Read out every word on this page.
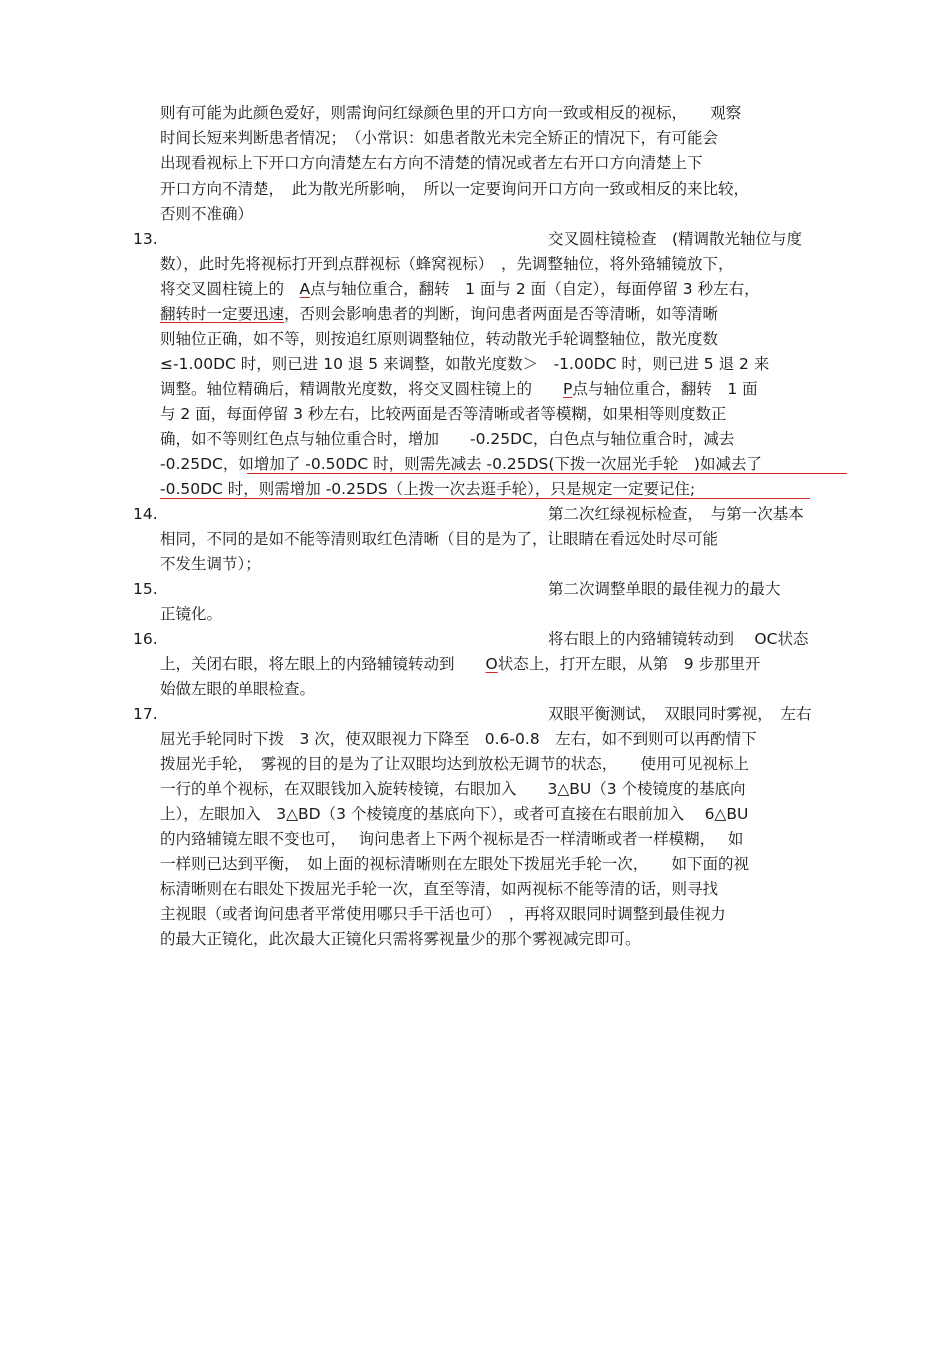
则有可能为此颜色爱好，则需询问红绿颜色里的开口方向一致或相反的视标，　　观察
时间长短来判断患者情况；　（小常识：如患者散光未完全矫正的情况下，有可能会
出现看视标上下开口方向清楚左右方向不清楚的情况或者左右开口方向清楚上下
开口方向不清楚，　此为散光所影响，　所以一定要询问开口方向一致或相反的来比较，
否则不准确）
13.	交叉圆柱镜检查　(精调散光轴位与度
数），此时先将视标打开到点群视标（蜂窝视标）　，先调整轴位，将外臵辅镜放下，
将交叉圆柱镜上的　A点与轴位重合，翻转　1 面与 2 面（自定），每面停留 3 秒左右，
翻转时一定要迅速，否则会影响患者的判断，询问患者两面是否等清晰，如等清晰
则轴位正确，如不等，则按追红原则调整轴位，转动散光手轮调整轴位，散光度数
≤-1.00DC 时，则已进 10 退 5 来调整，如散光度数＞　-1.00DC 时，则已进 5 退 2 来
调整。轴位精确后，精调散光度数，将交叉圆柱镜上的　　P点与轴位重合，翻转　1 面
与 2 面，每面停留 3 秒左右，比较两面是否等清晰或者等模糊，如果相等则度数正
确，如不等则红色点与轴位重合时，增加　　-0.25DC，白色点与轴位重合时，减去
-0.25DC，如增加了 -0.50DC 时，则需先减去 -0.25DS(下拨一次屈光手轮　)如减去了
-0.50DC 时，则需增加 -0.25DS（上拨一次去逛手轮），只是规定一定要记住;
14.	第二次红绿视标检查，　与第一次基本
相同，不同的是如不能等清则取红色清晰（目的是为了，让眼睛在看远处时尽可能
不发生调节）；
15.	第二次调整单眼的最佳视力的最大
正镜化。
16.	将右眼上的内臵辅镜转动到　 OC状态
上，关闭右眼，将左眼上的内臵辅镜转动到　　O状态上，打开左眼，从第　9 步那里开
始做左眼的单眼检查。
17.	双眼平衡测试，　双眼同时雾视，　左右
屈光手轮同时下拨　3 次，使双眼视力下降至　0.6-0.8　左右，如不到则可以再酌情下
拨屈光手轮，　雾视的目的是为了让双眼均达到放松无调节的状态，　　使用可见视标上
一行的单个视标，在双眼钱加入旋转棱镜，右眼加入　　3△BU（3 个棱镜度的基底向
上），左眼加入　3△BD（3 个棱镜度的基底向下），或者可直接在右眼前加入　 6△BU
的内臵辅镜左眼不变也可，　 询问患者上下两个视标是否一样清晰或者一样模糊，　 如
一样则已达到平衡，　如上面的视标清晰则在左眼处下拨屈光手轮一次，　　如下面的视
标清晰则在右眼处下拨屈光手轮一次，直至等清，如两视标不能等清的话，则寻找
主视眼（或者询问患者平常使用哪只手干活也可）　，再将双眼同时调整到最佳视力
的最大正镜化，此次最大正镜化只需将雾视量少的那个雾视减完即可。
